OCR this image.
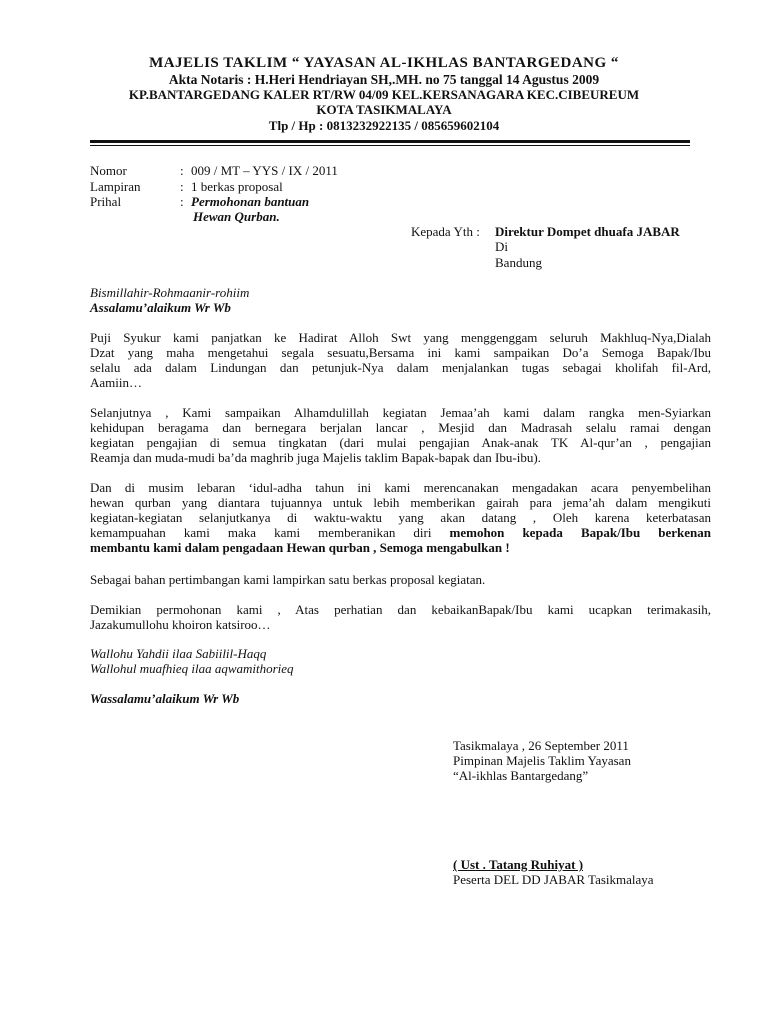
MAJELIS TAKLIM “ YAYASAN AL-IKHLAS BANTARGEDANG “
Akta Notaris : H.Heri Hendriayan SH,.MH. no 75 tanggal 14 Agustus 2009
KP.BANTARGEDANG KALER RT/RW 04/09 KEL.KERSANAGARA KEC.CIBEUREUM
KOTA TASIKMALAYA
Tlp / Hp : 0813232922135 / 085659602104
Nomor	: 009 / MT – YYS / IX / 2011
Lampiran	: 1 berkas proposal
Prihal	: Permohonan bantuan
Hewan Qurban.
Kepada Yth : Direktur Dompet dhuafa JABAR
Di
Bandung
Bismillahir-Rohmaanir-rohiim
Assalamu’alaikum Wr Wb
Puji Syukur kami panjatkan ke Hadirat Alloh Swt yang menggenggam seluruh Makhluq-Nya,Dialah
Dzat yang maha mengetahui segala sesuatu,Bersama ini kami sampaikan Do’a Semoga Bapak/Ibu
selalu ada dalam Lindungan dan petunjuk-Nya dalam menjalankan tugas sebagai kholifah fil-Ard,
Aamiin…
Selanjutnya , Kami sampaikan Alhamdulillah kegiatan Jemaa’ah kami dalam rangka men-Syiarkan
kehidupan beragama dan bernegara berjalan lancar , Mesjid dan Madrasah selalu ramai dengan
kegiatan pengajian di semua tingkatan (dari mulai pengajian Anak-anak TK Al-qur’an , pengajian
Reamja dan muda-mudi ba’da maghrib juga Majelis taklim Bapak-bapak dan Ibu-ibu).
Dan di musim lebaran ‘idul-adha tahun ini kami merencanakan mengadakan acara penyembelihan
hewan qurban yang diantara tujuannya untuk lebih memberikan gairah para jema’ah dalam mengikuti
kegiatan-kegiatan selanjutkanya di waktu-waktu yang akan datang , Oleh karena keterbatasan
kemampuahan kami maka kami memberanikan diri memohon kepada Bapak/Ibu berkenan
membantu kami dalam pengadaan Hewan qurban , Semoga mengabulkan !
Sebagai bahan pertimbangan kami lampirkan satu berkas proposal kegiatan.
Demikian permohonan kami , Atas perhatian dan kebaikanBapak/Ibu kami ucapkan terimakasih,
Jazakumullohu khoiron katsiroo…
Wallohu Yahdii ilaa Sabiilil-Haqq
Wallohul muafhieq ilaa aqwamithorieq
Wassalamu’alaikum Wr Wb
Tasikmalaya , 26 September 2011
Pimpinan Majelis Taklim Yayasan
“Al-ikhlas Bantargedang”
( Ust . Tatang Ruhiyat )
Peserta DEL DD JABAR Tasikmalaya
